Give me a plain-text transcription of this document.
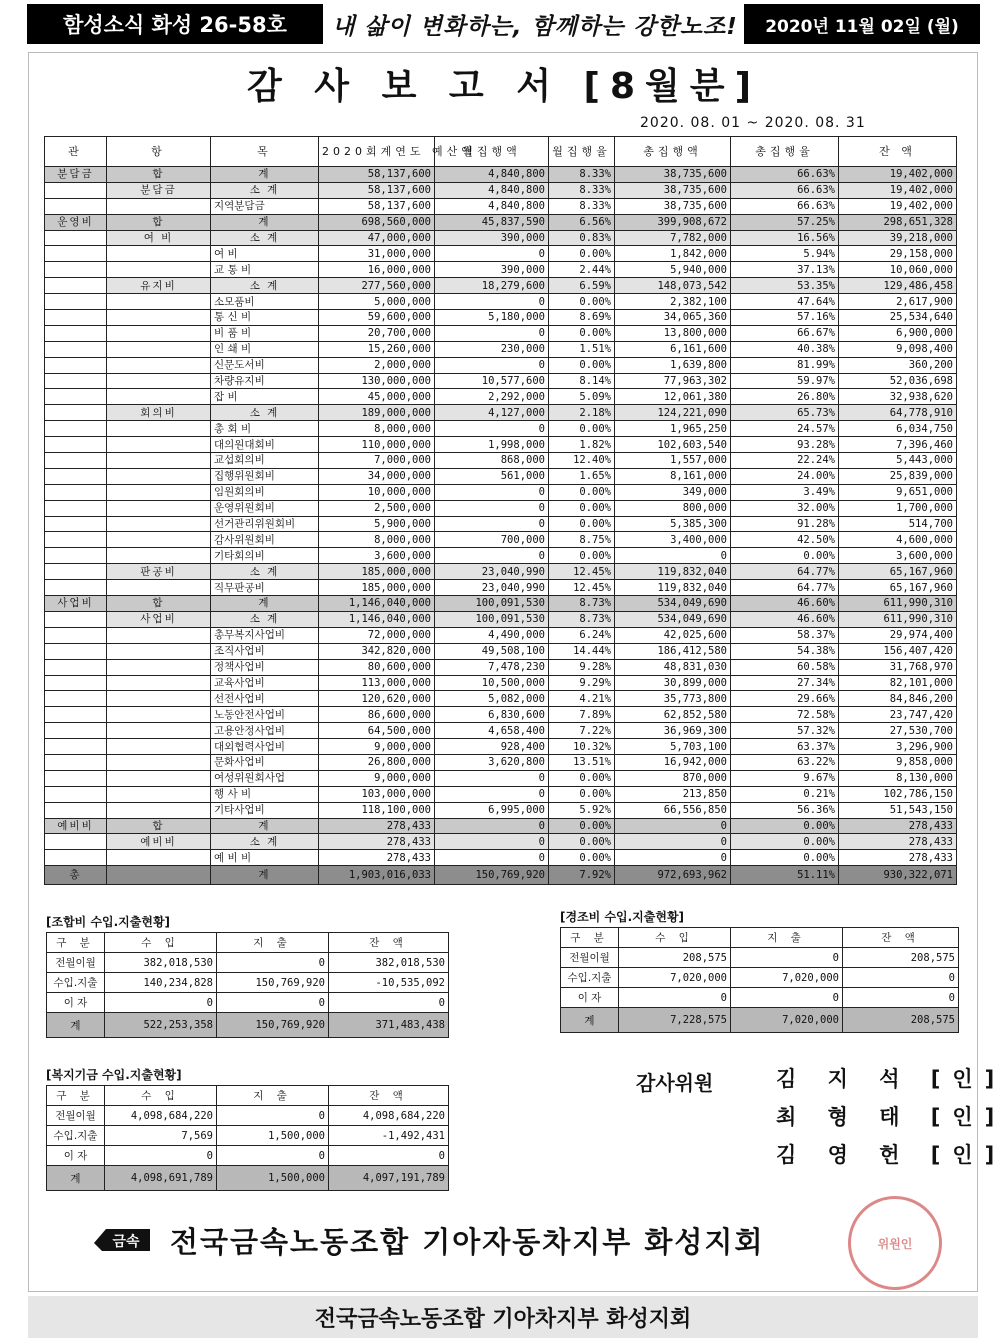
함성소식 화성 26-58호	내 삶이 변화하는, 함께하는 강한노조!	2020년 11월 02일 (월)
감 사 보 고 서 [8월분]
2020. 08. 01 ~ 2020. 08. 31
관	항	목	2020회계연도 예산액	월집행액	월집행율	총집행액	총집행율	잔 액
분담금	합	계	58,137,600	4,840,800	8.33%	38,735,600	66.63%	19,402,000
	분담금	소 계	58,137,600	4,840,800	8.33%	38,735,600	66.63%	19,402,000
		지역분담금	58,137,600	4,840,800	8.33%	38,735,600	66.63%	19,402,000
운영비	합	계	698,560,000	45,837,590	6.56%	399,908,672	57.25%	298,651,328
	여 비	소 계	47,000,000	390,000	0.83%	7,782,000	16.56%	39,218,000
		여 비	31,000,000	0	0.00%	1,842,000	5.94%	29,158,000
		교 통 비	16,000,000	390,000	2.44%	5,940,000	37.13%	10,060,000
	유지비	소 계	277,560,000	18,279,600	6.59%	148,073,542	53.35%	129,486,458
		소모품비	5,000,000	0	0.00%	2,382,100	47.64%	2,617,900
		통 신 비	59,600,000	5,180,000	8.69%	34,065,360	57.16%	25,534,640
		비 품 비	20,700,000	0	0.00%	13,800,000	66.67%	6,900,000
		인 쇄 비	15,260,000	230,000	1.51%	6,161,600	40.38%	9,098,400
		신문도서비	2,000,000	0	0.00%	1,639,800	81.99%	360,200
		차량유지비	130,000,000	10,577,600	8.14%	77,963,302	59.97%	52,036,698
		잡 비	45,000,000	2,292,000	5.09%	12,061,380	26.80%	32,938,620
	회의비	소 계	189,000,000	4,127,000	2.18%	124,221,090	65.73%	64,778,910
		총 회 비	8,000,000	0	0.00%	1,965,250	24.57%	6,034,750
		대의원대회비	110,000,000	1,998,000	1.82%	102,603,540	93.28%	7,396,460
		교섭회의비	7,000,000	868,000	12.40%	1,557,000	22.24%	5,443,000
		집행위원회비	34,000,000	561,000	1.65%	8,161,000	24.00%	25,839,000
		임원회의비	10,000,000	0	0.00%	349,000	3.49%	9,651,000
		운영위원회비	2,500,000	0	0.00%	800,000	32.00%	1,700,000
		선거관리위원회비	5,900,000	0	0.00%	5,385,300	91.28%	514,700
		감사위원회비	8,000,000	700,000	8.75%	3,400,000	42.50%	4,600,000
		기타회의비	3,600,000	0	0.00%	0	0.00%	3,600,000
	판공비	소 계	185,000,000	23,040,990	12.45%	119,832,040	64.77%	65,167,960
		직무판공비	185,000,000	23,040,990	12.45%	119,832,040	64.77%	65,167,960
사업비	합	계	1,146,040,000	100,091,530	8.73%	534,049,690	46.60%	611,990,310
	사업비	소 계	1,146,040,000	100,091,530	8.73%	534,049,690	46.60%	611,990,310
		총무복지사업비	72,000,000	4,490,000	6.24%	42,025,600	58.37%	29,974,400
		조직사업비	342,820,000	49,508,100	14.44%	186,412,580	54.38%	156,407,420
		정책사업비	80,600,000	7,478,230	9.28%	48,831,030	60.58%	31,768,970
		교육사업비	113,000,000	10,500,000	9.29%	30,899,000	27.34%	82,101,000
		선전사업비	120,620,000	5,082,000	4.21%	35,773,800	29.66%	84,846,200
		노동안전사업비	86,600,000	6,830,600	7.89%	62,852,580	72.58%	23,747,420
		고용안정사업비	64,500,000	4,658,400	7.22%	36,969,300	57.32%	27,530,700
		대외협력사업비	9,000,000	928,400	10.32%	5,703,100	63.37%	3,296,900
		문화사업비	26,800,000	3,620,800	13.51%	16,942,000	63.22%	9,858,000
		여성위원회사업	9,000,000	0	0.00%	870,000	9.67%	8,130,000
		행 사 비	103,000,000	0	0.00%	213,850	0.21%	102,786,150
		기타사업비	118,100,000	6,995,000	5.92%	66,556,850	56.36%	51,543,150
예비비	합	계	278,433	0	0.00%	0	0.00%	278,433
	예비비	소 계	278,433	0	0.00%	0	0.00%	278,433
		예 비 비	278,433	0	0.00%	0	0.00%	278,433
총		계	1,903,016,033	150,769,920	7.92%	972,693,962	51.11%	930,322,071
[조합비 수입.지출현황]
구 분	수 입	지 출	잔 액
전월이월	382,018,530	0	382,018,530
수입.지출	140,234,828	150,769,920	-10,535,092
이 자	0	0	0
계	522,253,358	150,769,920	371,483,438
[경조비 수입.지출현황]
구 분	수 입	지 출	잔 액
전월이월	208,575	0	208,575
수입.지출	7,020,000	7,020,000	0
이 자	0	0	0
계	7,228,575	7,020,000	208,575
[복지기금 수입.지출현황]
구 분	수 입	지 출	잔 액
전월이월	4,098,684,220	0	4,098,684,220
수입.지출	7,569	1,500,000	-1,492,431
이 자	0	0	0
계	4,098,691,789	1,500,000	4,097,191,789
감사위원	김 지 석 [인]
최 형 태 [인]
김 영 헌 [인]
금속 전국금속노동조합 기아자동차지부 화성지회	위원인
전국금속노동조합 기아차지부 화성지회
